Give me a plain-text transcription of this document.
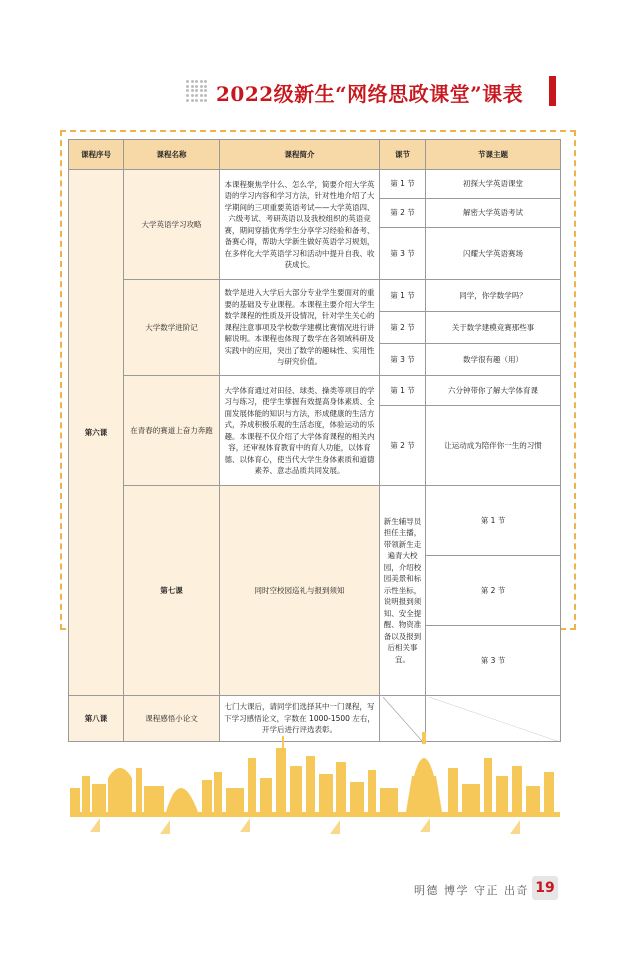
2022级新生“网络思政课堂”课表
课程序号	课程名称	课程简介	课节	节课主题	
第六课	大学英语学习攻略	本课程聚焦学什么、怎么学，简要介绍大学英语的学习内容和学习方法，针对性地介绍了大学期间的三项重要英语考试——大学英语四、六级考试、考研英语以及我校组织的英语竞赛，期间穿插优秀学生分享学习经验和备考、备赛心得，帮助大学新生做好英语学习规划，在多样化大学英语学习和活动中提升自我、收获成长。	第 1 节	初探大学英语课堂	
			第 2 节	解密大学英语考试	
			第 3 节	闪耀大学英语赛场	
	大学数学进阶记	数学是进入大学后大部分专业学生要面对的重要的基础及专业课程。本课程主要介绍大学生数学课程的性质及开设情况，针对学生关心的课程注意事项及学校数学建模比赛情况进行讲解说明。本课程也体现了数学在各领域科研及实践中的应用，突出了数学的趣味性、实用性与研究价值。	第 1 节	同学，你学数学吗？	
			第 2 节	关于数学建模竞赛那些事	
			第 3 节	数学很有趣（用）	
	在青春的赛道上奋力奔跑	大学体育通过对田径、球类、操类等项目的学习与练习，使学生掌握有效提高身体素质、全面发展体能的知识与方法，形成健康的生活方式，养成积极乐观的生活态度，体验运动的乐趣。本课程不仅介绍了大学体育课程的相关内容，还审视体育教育中的育人功能，以体育德、以体育心，使当代大学生身体素质和道德素养、意志品质共同发展。	第 1 节	六分钟带你了解大学体育课	
			第 2 节	让运动成为陪伴你一生的习惯	
	第七课	同时空校园巡礼与报到须知	新生辅导员担任主播，带领新生走遍青大校园，介绍校园美景和标示性坐标，说明报到须知、安全提醒、物资准备以及报到后相关事宜。	第 1 节	
				第 2 节	
				第 3 节	
第八课	课程感悟小论文	七门大课后，请同学们选择其中一门课程，写下学习感悟论文，字数在 1000-1500 左右，开学后进行评选表彰。	

明德 博学 守正 出奇 19
